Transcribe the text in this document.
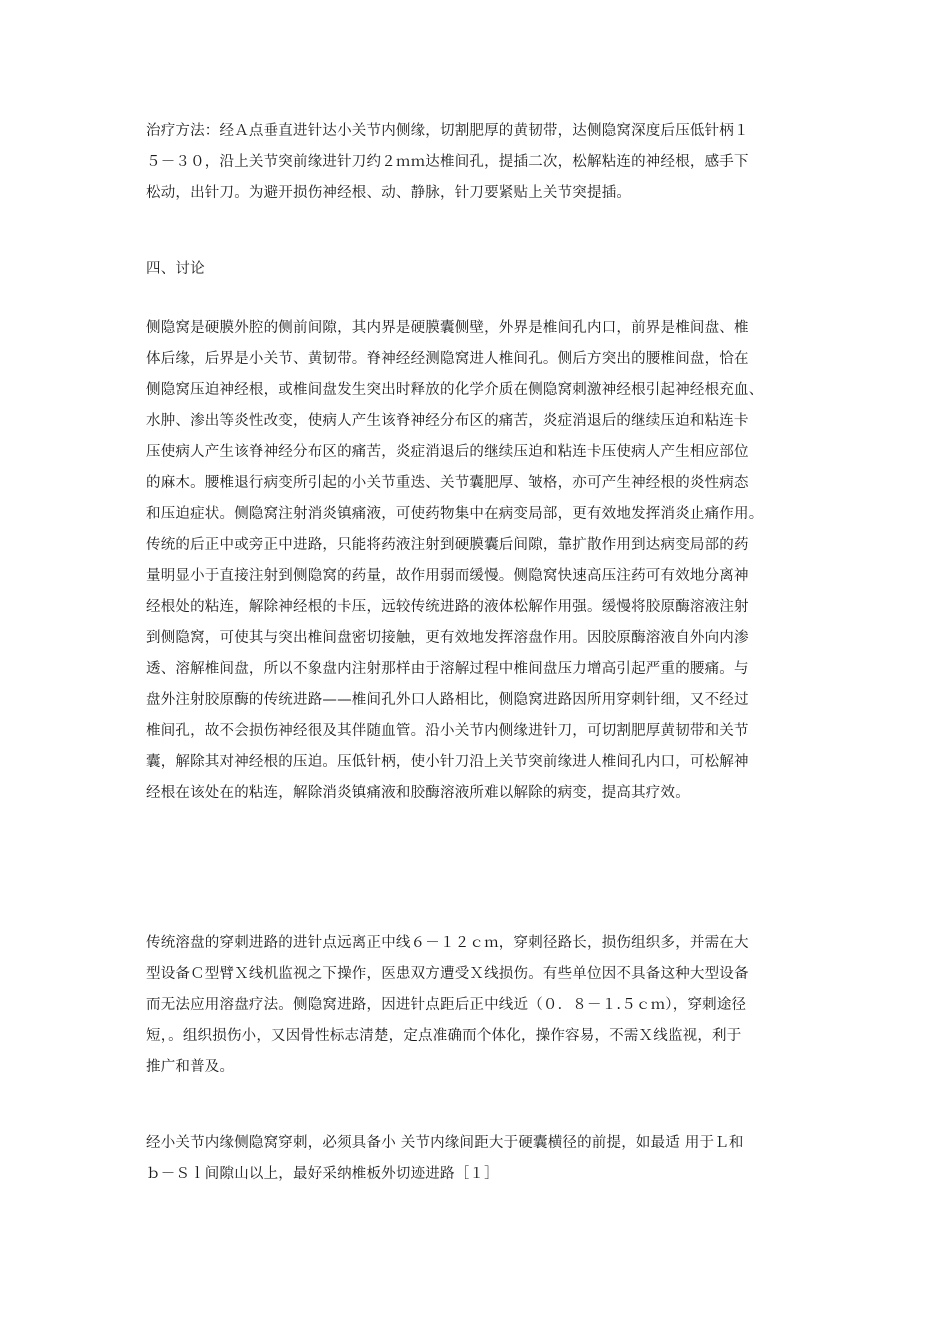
治疗方法：经Ａ点垂直进针达小关节内侧缘，切割肥厚的黄韧带，达侧隐窝深度后压低针柄１
５－３０，沿上关节突前缘进针刀约２ｍｍ达椎间孔，提插二次，松解粘连的神经根，感手下
松动，出针刀。为避开损伤神经根、动、静脉，针刀要紧贴上关节突提插。

四、讨论

侧隐窝是硬膜外腔的侧前间隙，其内界是硬膜囊侧壁，外界是椎间孔内口，前界是椎间盘、椎
体后缘，后界是小关节、黄韧带。脊神经经测隐窝进人椎间孔。侧后方突出的腰椎间盘，恰在
侧隐窝压迫神经根，或椎间盘发生突出时释放的化学介质在侧隐窝刺激神经根引起神经根充血、
水肿、渗出等炎性改变，使病人产生该脊神经分布区的痛苦，炎症消退后的继续压迫和粘连卡
压使病人产生该脊神经分布区的痛苦，炎症消退后的继续压迫和粘连卡压使病人产生相应部位
的麻木。腰椎退行病变所引起的小关节重迭、关节囊肥厚、皱格，亦可产生神经根的炎性病态
和压迫症状。侧隐窝注射消炎镇痛液，可使药物集中在病变局部，更有效地发挥消炎止痛作用。
传统的后正中或旁正中进路，只能将药液注射到硬膜囊后间隙，靠扩散作用到达病变局部的药
量明显小于直接注射到侧隐窝的药量，故作用弱而缓慢。侧隐窝快速高压注药可有效地分离神
经根处的粘连，解除神经根的卡压，远较传统进路的液体松解作用强。缓慢将胶原酶溶液注射
到侧隐窝，可使其与突出椎间盘密切接触，更有效地发挥溶盘作用。因胶原酶溶液自外向内渗
透、溶解椎间盘，所以不象盘内注射那样由于溶解过程中椎间盘压力增高引起严重的腰痛。与
盘外注射胶原酶的传统进路——椎间孔外口人路相比，侧隐窝进路因所用穿刺针细，又不经过
椎间孔，故不会损伤神经很及其伴随血管。沿小关节内侧缘进针刀，可切割肥厚黄韧带和关节
囊，解除其对神经根的压迫。压低针柄，使小针刀沿上关节突前缘进人椎间孔内口，可松解神
经根在该处在的粘连，解除消炎镇痛液和胶酶溶液所难以解除的病变，提高其疗效。

传统溶盘的穿刺进路的进针点远离正中线６－１２ｃｍ，穿刺径路长，损伤组织多，并需在大
型设备Ｃ型臂Ｘ线机监视之下操作，医患双方遭受Ｘ线损伤。有些单位因不具备这种大型设备
而无法应用溶盘疗法。侧隐窝进路，因进针点距后正中线近（０．８－１.５ｃｍ），穿刺途径
短，。组织损伤小，又因骨性标志清楚，定点准确而个体化，操作容易，不需Ｘ线监视，利于
推广和普及。

经小关节内缘侧隐窝穿刺，必须具备小 关节内缘间距大于硬囊横径的前提，如最适 用于Ｌ和
ｂ－Ｓｌ间隙山以上，最好采纳椎板外切迹进路［１］
